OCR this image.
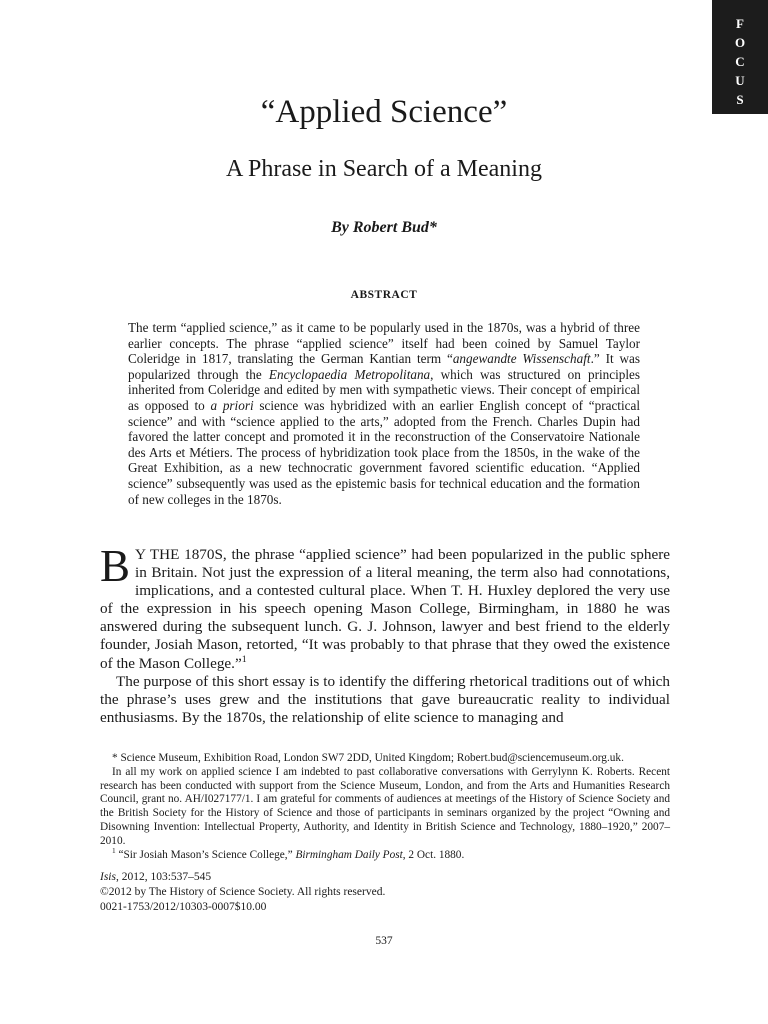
F
O
C
U
S
“Applied Science”
A Phrase in Search of a Meaning
By Robert Bud*
ABSTRACT

The term “applied science,” as it came to be popularly used in the 1870s, was a hybrid of three earlier concepts. The phrase “applied science” itself had been coined by Samuel Taylor Coleridge in 1817, translating the German Kantian term “angewandte Wissenschaft.” It was popularized through the Encyclopaedia Metropolitana, which was structured on principles inherited from Coleridge and edited by men with sympathetic views. Their concept of empirical as opposed to a priori science was hybridized with an earlier English concept of “practical science” and with “science applied to the arts,” adopted from the French. Charles Dupin had favored the latter concept and promoted it in the reconstruction of the Conservatoire Nationale des Arts et Métiers. The process of hybridization took place from the 1850s, in the wake of the Great Exhibition, as a new technocratic government favored scientific education. “Applied science” subsequently was used as the epistemic basis for technical education and the formation of new colleges in the 1870s.

B Y THE 1870S, the phrase “applied science” had been popularized in the public sphere in Britain. Not just the expression of a literal meaning, the term also had connotations, implications, and a contested cultural place. When T. H. Huxley deplored the very use of the expression in his speech opening Mason College, Birmingham, in 1880 he was answered during the subsequent lunch. G. J. Johnson, lawyer and best friend to the elderly founder, Josiah Mason, retorted, “It was probably to that phrase that they owed the existence of the Mason College.”$^1$

The purpose of this short essay is to identify the differing rhetorical traditions out of which the phrase’s uses grew and the institutions that gave bureaucratic reality to individual enthusiasms. By the 1870s, the relationship of elite science to managing and

* Science Museum, Exhibition Road, London SW7 2DD, United Kingdom; Robert.bud@sciencemuseum.org.uk.

In all my work on applied science I am indebted to past collaborative conversations with Gerrylynn K. Roberts. Recent research has been conducted with support from the Science Museum, London, and from the Arts and Humanities Research Council, grant no. AH/I027177/1. I am grateful for comments of audiences at meetings of the History of Science Society and the British Society for the History of Science and those of participants in seminars organized by the project “Owning and Disowning Invention: Intellectual Property, Authority, and Identity in British Science and Technology, 1880–1920,” 2007–2010.

$^1$ “Sir Josiah Mason’s Science College,” Birmingham Daily Post, 2 Oct. 1880.

Isis, 2012, 103:537–545
©2012 by The History of Science Society. All rights reserved.
0021-1753/2012/10303-0007$10.00
537
